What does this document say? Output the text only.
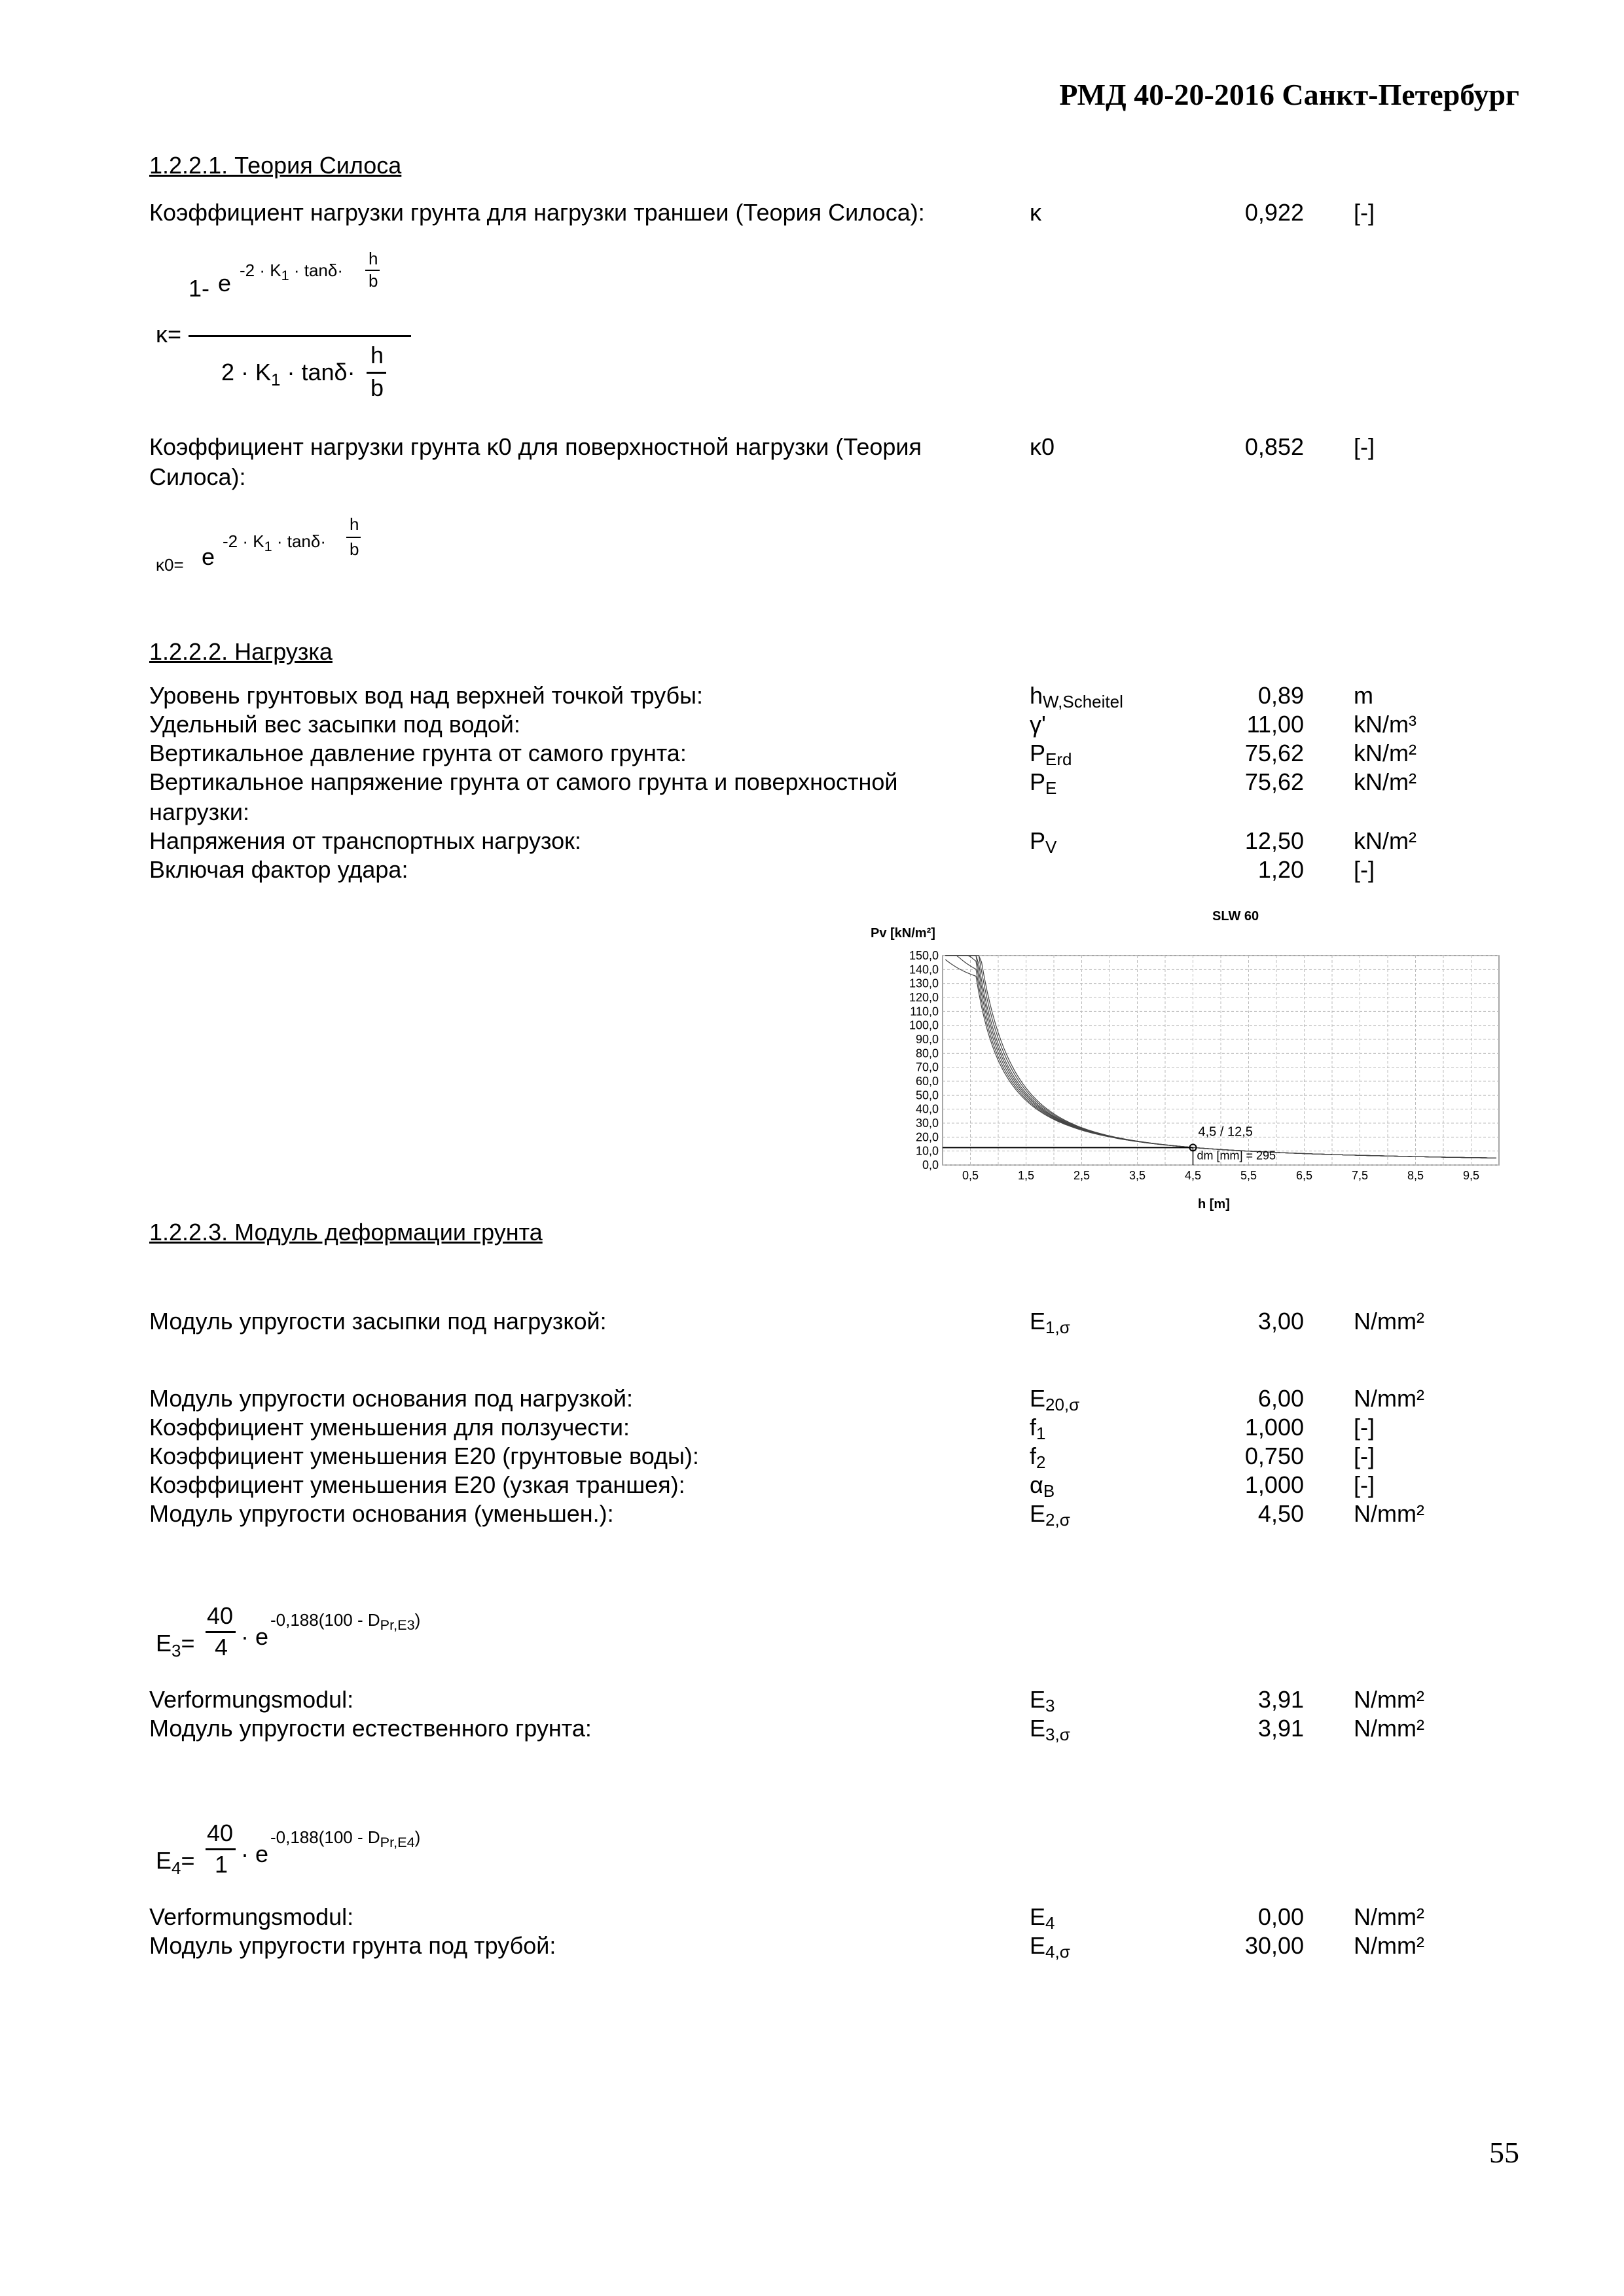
РМД 40-20-2016 Санкт-Петербург
1.2.2.1. Теория Силоса
Коэффициент нагрузки грунта для нагрузки траншеи (Теория Силоса):	κ	0,922 [-]
κ=
1- e $-2 \cdot K_1 \cdot \tan\delta\cdot$
h
b
$2 \cdot K_1 \cdot \tan\delta\cdot$
h
b
Коэффициент нагрузки грунта κ0 для поверхностной нагрузки (Теория Силоса):
κ0	0,852 [-]
κ0= e
$-2 \cdot K_1 \cdot \tan\delta\cdot$
h
b
1.2.2.2. Нагрузка
Уровень грунтовых вод над верхней точкой трубы:	$h_{W,Scheitel}$	0,89 m
Удельный вес засыпки под водой:	γ'	11,00 kN/m³
Вертикальное давление грунта от самого грунта:	$P_{Erd}$	75,62 kN/m²
Вертикальное напряжение грунта от самого грунта и поверхностной нагрузки:
$P_E$	75,62 kN/m²
Напряжения от транспортных нагрузок:	$P_V$	12,50 kN/m²
Включая фактор удара:	1,20 [-]
SLW 60
Pv [kN/m²]
h [m]
150,0
140,0
130,0
120,0
110,0
100,0
90,0
80,0
70,0
60,0
50,0
40,0
30,0
20,0
10,0
0,0
0,5	1,5	2,5	3,5	4,5	5,5	6,5	7,5	8,5	9,5
4,5 / 12,5
dm [mm] = 295
1.2.2.3. Модуль деформации грунта
Модуль упругости засыпки под нагрузкой:	$E_{1,\sigma}$	3,00 N/mm²
Модуль упругости основания под нагрузкой:	$E_{20,\sigma}$	6,00 N/mm²
Коэффициент уменьшения для ползучести:	$f_1$	1,000 [-]
Коэффициент уменьшения E20 (грунтовые воды):	$f_2$	0,750 [-]
Коэффициент уменьшения E20 (узкая траншея):	$\alpha_B$	1,000 [-]
Модуль упругости основания (уменьшен.):	$E_{2,\sigma}$	4,50 N/mm²
$E_3=$
40
4 · e
$-0,188(100 - D_{Pr,E3})$
Verformungsmodul:	$E_3$	3,91 N/mm²
Модуль упругости естественного грунта:	$E_{3,\sigma}$	3,91 N/mm²
$E_4=$
40
1 · e
$-0,188(100 - D_{Pr,E4})$
Verformungsmodul:	$E_4$	0,00 N/mm²
Модуль упругости грунта под трубой:	$E_{4,\sigma}$	30,00 N/mm²
55
